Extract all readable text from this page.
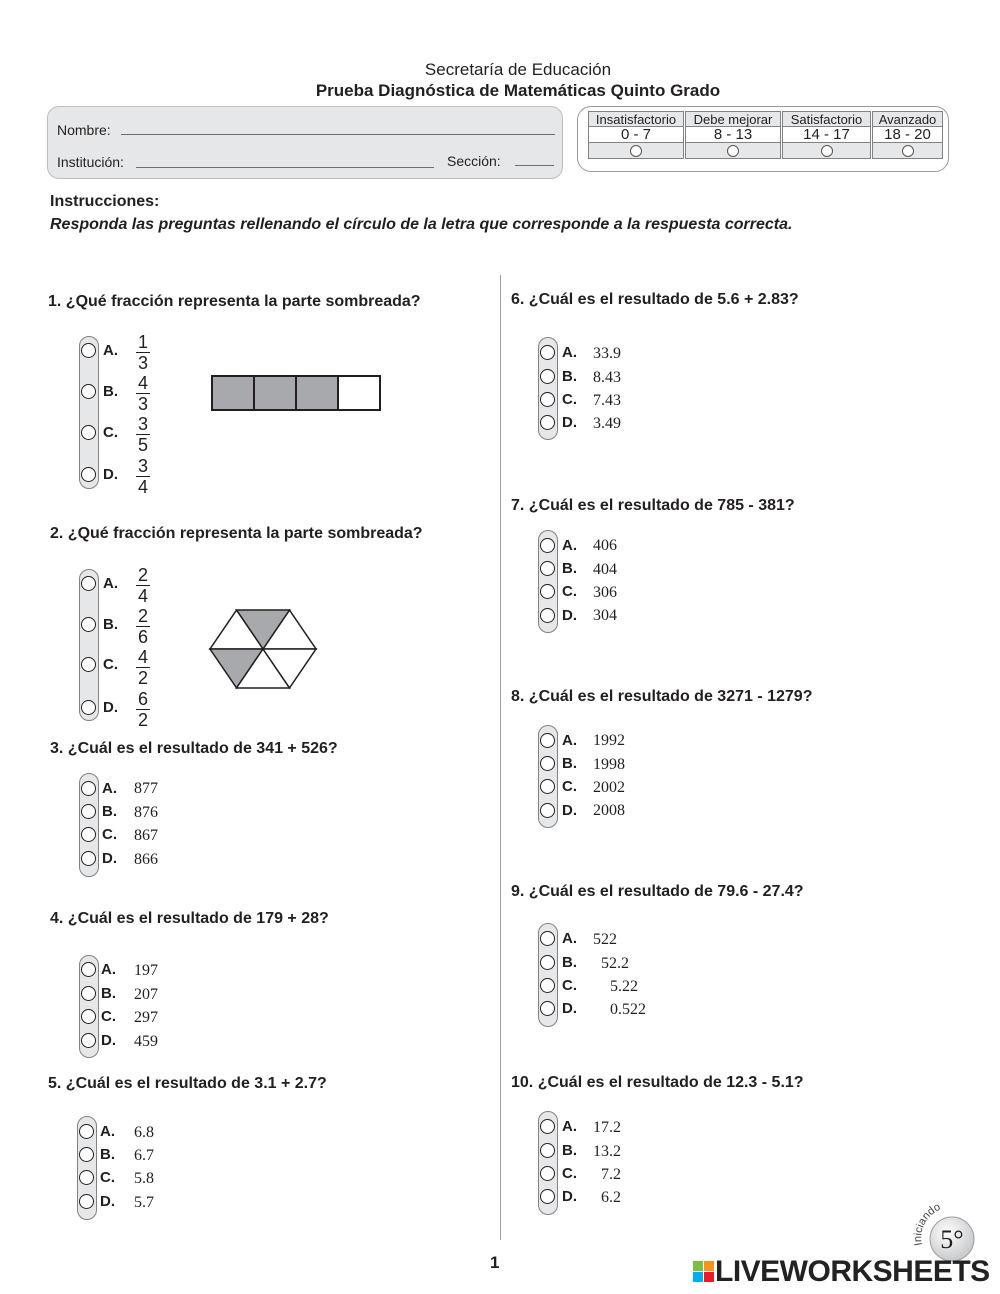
Secretaría de Educación
Prueba Diagnóstica de Matemáticas Quinto Grado
Nombre:
Institución:	Sección:
Insatisfactorio
0 - 7
Debe mejorar
8 - 13
Satisfactorio
14 - 17
Avanzado
18 - 20
Instrucciones:
Responda las preguntas rellenando el círculo de la letra que corresponde a la respuesta correcta.
1. ¿Qué fracción representa la parte sombreada?
A.
B.
C.
D.
1
3
4
3
3
5
3
4
2. ¿Qué fracción representa la parte sombreada?
A.
B.
C.
D.
2
4
2
6
4
2
6
2
3. ¿Cuál es el resultado de 341 + 526?
A.
B.
C.
D.
877
876
867
866
4. ¿Cuál es el resultado de 179 + 28?
A.
B.
C.
D.
197
207
297
459
5. ¿Cuál es el resultado de 3.1 + 2.7?
A.
B.
C.
D.
6.8
6.7
5.8
5.7
6. ¿Cuál es el resultado de 5.6 + 2.83?
A.
B.
C.
D.
33.9
8.43
7.43
3.49
7. ¿Cuál es el resultado de 785 - 381?
A.
B.
C.
D.
406
404
306
304
8. ¿Cuál es el resultado de 3271 - 1279?
A.
B.
C.
D.
1992
1998
2002
2008
9. ¿Cuál es el resultado de 79.6 - 27.4?
A.
B.
C.
D.
522
52.2
5.22
0.522
10. ¿Cuál es el resultado de 12.3 - 5.1?
A.
B.
C.
D.
17.2
13.2
7.2
6.2
1
Iniciando
5°
LIVEWORKSHEETS
